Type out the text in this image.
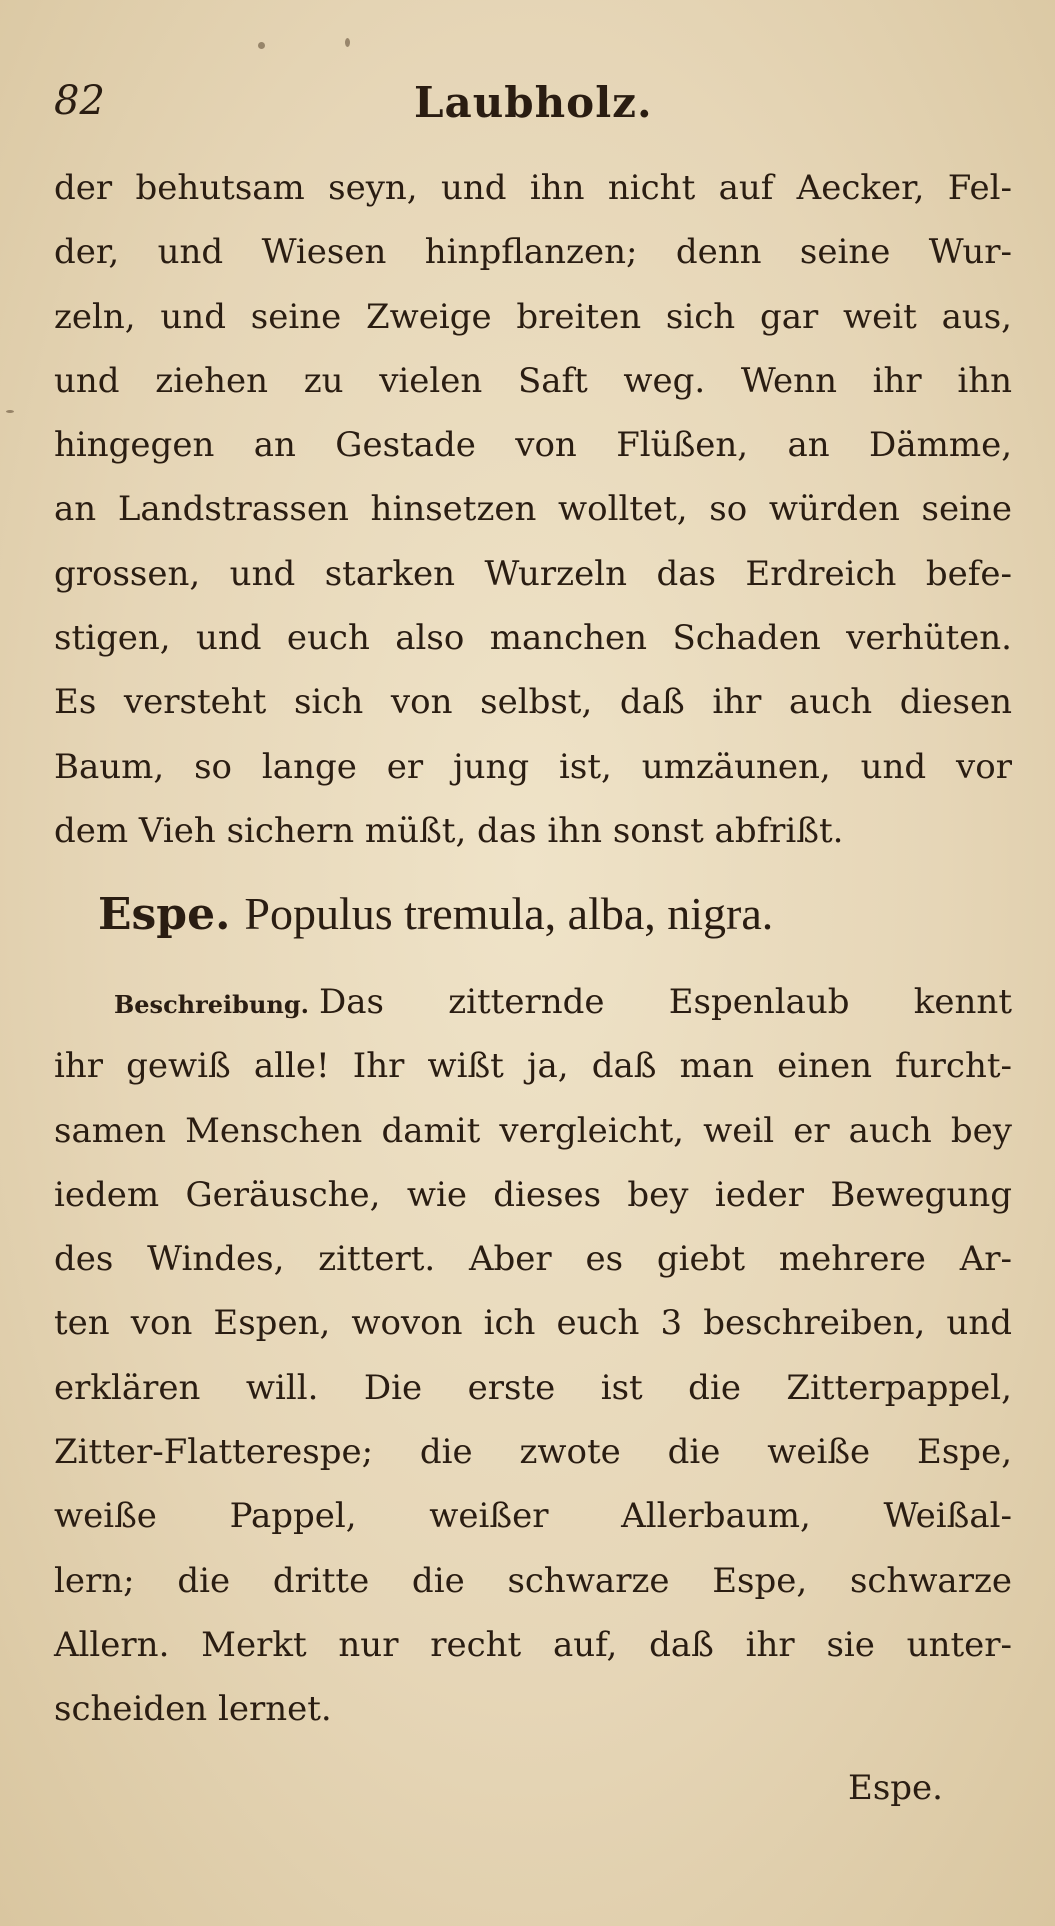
82	Laubholz.
der behutsam seyn, und ihn nicht auf Aecker, Fel-
der, und Wiesen hinpflanzen; denn seine Wur-
zeln, und seine Zweige breiten sich gar weit aus,
und ziehen zu vielen Saft weg. Wenn ihr ihn
hingegen an Gestade von Flüßen, an Dämme,
an Landstrassen hinsetzen wolltet, so würden seine
grossen, und starken Wurzeln das Erdreich befe-
stigen, und euch also manchen Schaden verhüten.
Es versteht sich von selbst, daß ihr auch diesen
Baum, so lange er jung ist, umzäunen, und vor
dem Vieh sichern müßt, das ihn sonst abfrißt.
Espe. Populus tremula, alba, nigra.
Beschreibung. Das zitternde Espenlaub kennt
ihr gewiß alle! Ihr wißt ja, daß man einen furcht-
samen Menschen damit vergleicht, weil er auch bey
iedem Geräusche, wie dieses bey ieder Bewegung
des Windes, zittert. Aber es giebt mehrere Ar-
ten von Espen, wovon ich euch 3 beschreiben, und
erklären will. Die erste ist die Zitterpappel,
Zitter-Flatterespe; die zwote die weiße Espe,
weiße Pappel, weißer Allerbaum, Weißal-
lern; die dritte die schwarze Espe, schwarze
Allern. Merkt nur recht auf, daß ihr sie unter-
scheiden lernet.
Espe.
